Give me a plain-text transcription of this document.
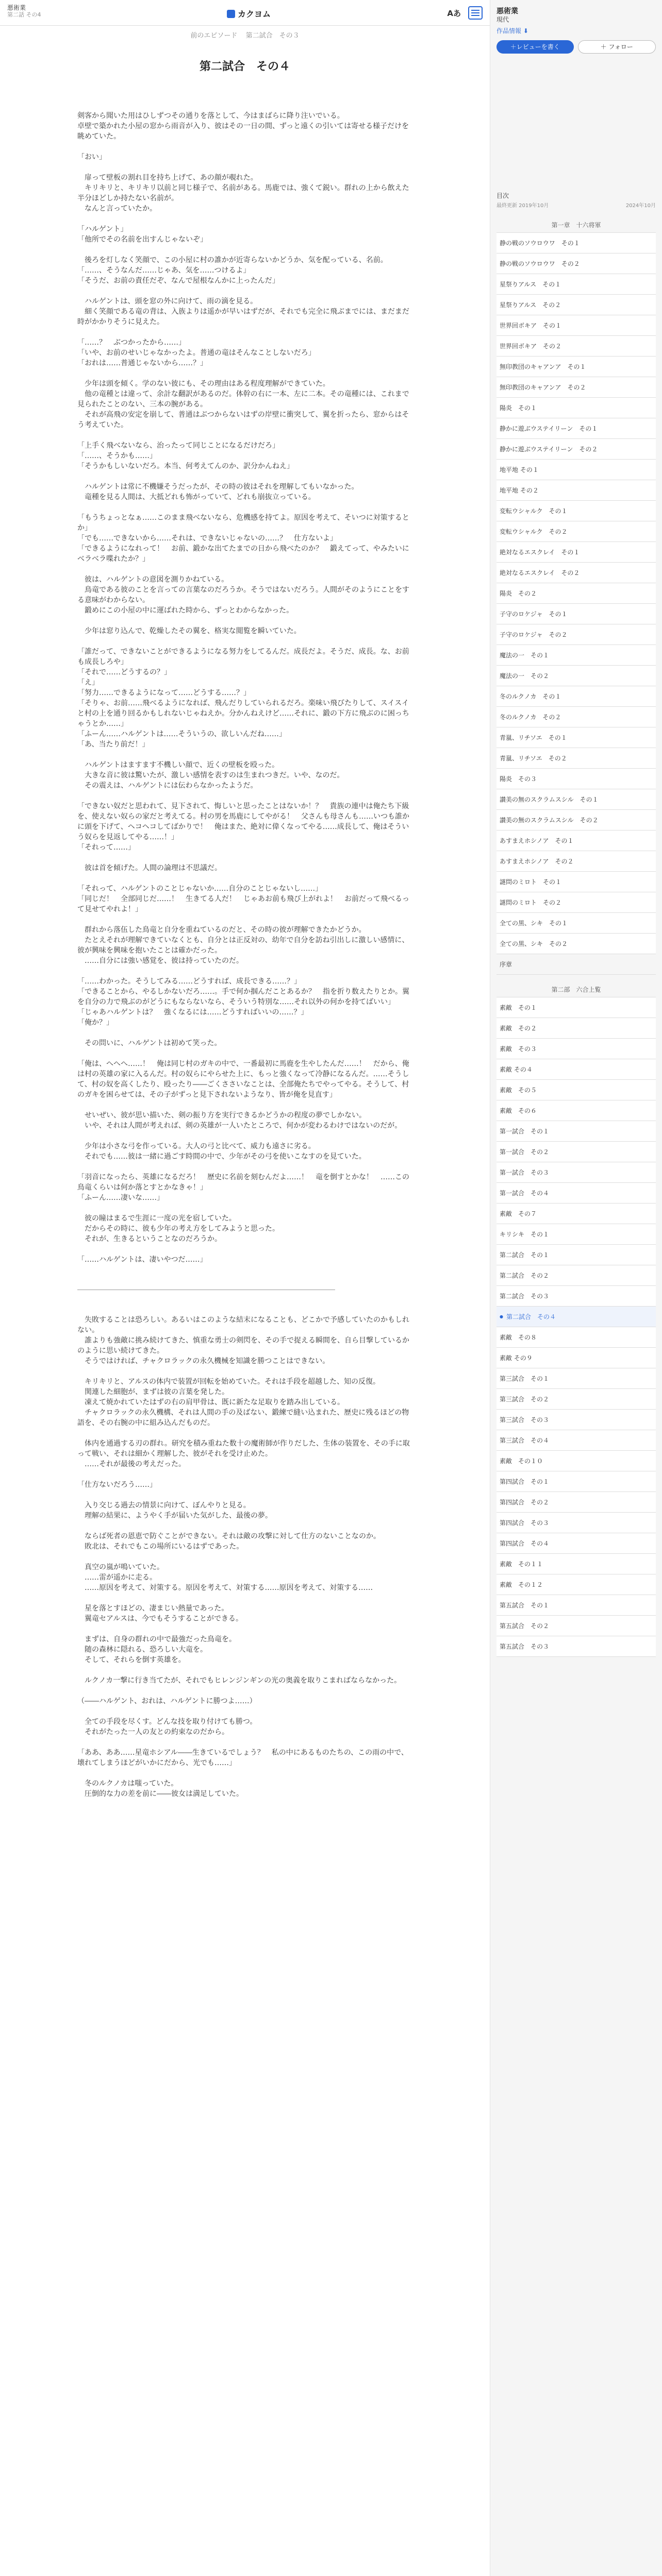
悪術業
第二話 その4	カクヨム	Aあ
前のエピソード 第二試合　その３
第二試合　その４

剣客から聞いた用はひしずつその通りを落として、今はまばらに降り注いでいる。

卓壁で築かれた小屋の窓から雨音が入り、彼はその一日の間、ずっと遠くの引いては寄せる様子だけを眺めていた。

「おい」

　扉って壁板の割れ目を持ち上げて、あの顔が覗れた。

　キリキリと、キリキリ以前と同じ様子で、名前がある。馬鹿では、強くて鋭い。群れの上から飲えた半分ほどしか持たない名前が。

　なんと言っていたか。

「ハルゲント」

「他所でその名前を出すんじゃないぞ」

　後ろを灯しなく笑顔で、この小屋に村の誰かが近寄らないかどうか、気を配っている、名前。

「……、そうなんだ……じゃあ、気を……つけるよ」

「そうだ、お前の責任だぞ、なんで屋根なんかに上ったんだ」

　ハルゲントは、頭を窓の外に向けて、雨の滴を見る。

　細く笑顔である竜の背は、入族よりは遥かが早いはずだが、それでも完全に飛ぶまでには、まだまだ時がかかりそうに見えた。

「……？　ぶつかったから……」

「いや、お前のせいじゃなかったよ。普通の竜はそんなことしないだろ」

「おれは……普通じゃないから……？」

　少年は頭を傾く。学のない彼にも、その理由はある程度理解ができていた。

　他の竜種とは違って、余計な翻訳があるのだ。体幹の右に一本、左に二本。その竜種には、これまで見られたことのない、三本の腕がある。

　それが高飛の安定を崩して、普通はぶつからないはずの岸壁に衝突して、翼を折ったら、窓からはそう考えていた。

「上手く飛べないなら、治ったって同じことになるだけだろ」

「……、そうかも……」

「そうかもしいないだろ。本当、何考えてんのか、訳分かんねえ」

　ハルゲントは常に不機嫌そうだったが、その時の彼はそれを理解してもいなかった。

　竜種を見る人間は、大抵どれも怖がっていて、どれも崩抜立っている。

「もうちょっとなぁ……このまま飛べないなら、危機感を持てよ。原因を考えて、そいつに対策するとか」

「でも……できないから……それは、できないじゃないの……？　仕方ないよ」

「できるようになれって！　お前、鍛かな出てたまでの日から飛べたのか？　鍛えてって、やみたいにべラべラ喋れたか？」

　彼は、ハルゲントの意図を測りかねている。

　鳥竜である彼のことを言っての言葉なのだろうか。そうではないだろう。人間がそのようにことをする意味がわからない。

　鍛めにこの小屋の中に運ばれた時から、ずっとわからなかった。

　少年は窓り込んで、乾燥したその翼を、格実な閲覧を瞬いていた。

「誰だって、できないことができるようになる努力をしてるんだ。成長だよ。そうだ、成長。な、お前も成長しろや」

「それで……どうするの？」

「え」

「努力……できるようになって……どうする……？」

「そりゃ、お前……飛べるようになれば、飛んだりしていられるだろ。楽味い飛びたりして、スイスイと村の上を通り回るかもしれないじゃねえか。分かんねえけど……それに、鍛の下方に飛ぶのに困っちゃうとか……」

「ふーん……ハルゲントは……そういうの、欲しいんだね……」

「あ、当たり前だ！」

　ハルゲントはますます不機しい顔で、近くの壁板を殴った。

　大きな音に彼は驚いたが、激しい感情を表すのは生まれつきだ。いや、なのだ。

　その震えは、ハルゲントには伝わらなかったようだ。

「できない奴だと思われて、見下されて、悔しいと思ったことはないか！？　貴族の連中は俺たち下級を、使えない奴らの家だと考えてる。村の男を馬鹿にしてやがる！　父さんも母さんも……いつも誰かに頭を下げて、ヘコヘコしてばかりで！　俺はまた、絶対に偉くなってやる……成長して、俺はそういう奴らを見返してやる……！」

「それって……」

　彼は首を傾げた。人間の論理は不思議だ。

「それって、ハルゲントのことじゃないか……自分のことじゃないし……」

「同じだ！　全部同じだ……！　生きてる人だ！　じゃあお前も飛び上がれよ！　お前だって飛べるって見せてやれよ！」

　群れから落伍した鳥竜と自分を重ねているのだと、その時の彼が理解できたかどうか。

　たとえそれが理解できていなくとも、自分とは正反対の、幼年で自分を訪ね引出しに激しい感情に、彼が興味を興味を抱いたことは確かだった。

　……自分には強い感覚を、彼は持っていたのだ。

「……わかった。そうしてみる……どうすれば、成長できる……？」

「できることから、やるしかないだろ……。手で何か掴んだことあるか？　指を折り数えたりとか。翼を自分の力で飛ぶのがどうにもならないなら、そういう特別な……それ以外の何かを持てばいい」

「じゃあハルゲントは？　強くなるには……どうすればいいの……？」

「俺か？」

　その問いに、ハルゲントは初めて笑った。

「俺は、へへへ……！　俺は同じ村のガキの中で、一番最初に馬鹿を生やしたんだ……！　だから、俺は村の英雄の家に入るんだ。村の奴らにやらせた上に、もっと強くなって冷静になるんだ。……そうして、村の奴を高くしたり、殴ったり――ごくささいなことは、全部俺たちでやってやる。そうして、村のガキを困らせては、その子がずっと見下されないようなり、皆が俺を見直す」

　せいぜい、彼が思い描いた、剣の振り方を実行できるかどうかの程度の夢でしかない。

　いや、それは人間が考えれば、剣の英雄が一人いたところで、何かが変わるわけではないのだが。

　少年は小さな弓を作っている。大人の弓と比べて、威力も遠さに劣る。

　それでも……彼は一緒に過ごす時間の中で、少年がその弓を使いこなすのを見ていた。

「羽音になったら、英雄になるだろ！　歴史に名前を刻むんだよ……！　竜を倒すとかな！　……この鳥竜くらいは何か落とすとかなきゃ！」

「ふーん……凄いな……」

　彼の瞳はまるで生涯に一度の光を宿していた。

　だからその時に、彼も少年の考え方をしてみようと思った。

　それが、生きるということなのだろうか。

「……ハルゲントは、凄いやつだ……」

　失敗することは恐ろしい。あるいはこのような結末になることも、どこかで予感していたのかもしれない。

　誰よりも強敵に挑み続けてきた、慎重な勇士の剣閃を、その手で捉える瞬間を、自ら目撃しているかのように思い続けてきた。

　そうではければ、チャクロラックの永久機械を知識を勝つことはできない。

　キリキリと、アルスの体内で装置が回転を始めていた。それは手段を超越した、知の反復。

　関連した細胞が、まずは彼の言葉を発した。

　凍えて焼かれていたはずの右の肩甲骨は、既に新たな足取りを踏み出している。

　チャクロラックの永久機構、それは人間の手の及ばない、鍛練で縫い込まれた、歴史に残るほどの物語を、その右腕の中に組み込んだものだ。

　体内を通過する刃の群れ。研究を積み重ねた数十の魔術師が作りだした、生体の装置を、その手に取って戦い、それは細かく理解した、彼がそれを受け止めた。

　……それが最後の考えだった。

「仕方ないだろう……」

　入り交じる過去の情景に向けて、ぼんやりと見る。

　理解の結果に、ようやく手が届いた気がした、最後の夢。

　ならば死者の恩恵で防ぐことができない。それは敵の攻撃に対して仕方のないことなのか。

　敗北は、それでもこの場所にいるはずであった。

　真空の嵐が鳴いていた。

　……雷が遥かに走る。

　……原因を考えて、対策する。原因を考えて、対策する……原因を考えて、対策する……

　星を落とすほどの、凄まじい熱量であった。

　翼竜セアルスは、今でもそうすることができる。

　まずは、自身の群れの中で最強だった鳥竜を。

　随の森林に隠れる、恐ろしい大竜を。

　そして、それらを倒す英雄を。

　ルクノカ一撃に行き当てたが、それでもヒレンジンギンの光の奥義を取りこまればならなかった。

（――ハルゲント、おれは、ハルゲントに勝つよ……）

　全ての手段を尽くす。どんな技を取り付けても勝つ。

　それがたった一人の友との約束なのだから。

「ああ、ああ……星竜ホシアル――生きているでしょう？　私の中にあるものたちの、この雨の中で、壊れてしまうほどがいかにだから、光でも……」

　冬のルクノカは嗤っていた。

　圧倒的な力の差を前に――彼女は満足していた。

悪術業
現代
作品情報 ⬇
＋レビューを書く	＋ フォロー
目次
最終更新 2019年10月	2024年10月
第一章　十六将軍
静の戦のソウロウワ　その１
静の戦のソウロウワ　その２
星祭りアルス　その１
星祭りアルス　その２
世界回ボキア　その１
世界回ボキア　その２
無印教団のキャアンア　その１
無印教団のキャアンア　その２
陽炎　その１
静かに遊ぶウステイリーン　その１
静かに遊ぶウステイリーン　その２
地平地 その１
地平地 その２
変転ウシャルク　その１
変転ウシャルク　その２
絶対なるエスクレイ　その１
絶対なるエスクレイ　その２
陽炎　その２
子守のロケジャ　その１
子守のロケジャ　その２
魔法の一　その１
魔法の一　その２
冬のルクノカ　その１
冬のルクノカ　その２
青嵐、リチソエ　その１
青嵐、リチソエ　その２
陽炎　その３
讃美の無のスクラムスシル　その１
讃美の無のスクラムスシル　その２
あすまえホシノア　その１
あすまえホシノア　その２
謎問のミロト　その１
謎問のミロト　その２
全ての黒、シキ　その１
全ての黒、シキ　その２
序章
第二部　六合上覧
素敵　その１
素敵　その２
素敵　その３
素敵 その４
素敵　その５
素敵　その６
第一試合　その１
第一試合　その２
第一試合　その３
第一試合　その４
素敵　その７
キリシキ　その１
第二試合　その１
第二試合　その２
第二試合　その３
● 第二試合　その４
素敵　その８
素敵 その９
第三試合　その１
第三試合　その２
第三試合　その３
第三試合　その４
素敵　その１０
第四試合　その１
第四試合　その２
第四試合　その３
第四試合　その４
素敵　その１１
素敵　その１２
第五試合　その１
第五試合　その２
第五試合　その３
